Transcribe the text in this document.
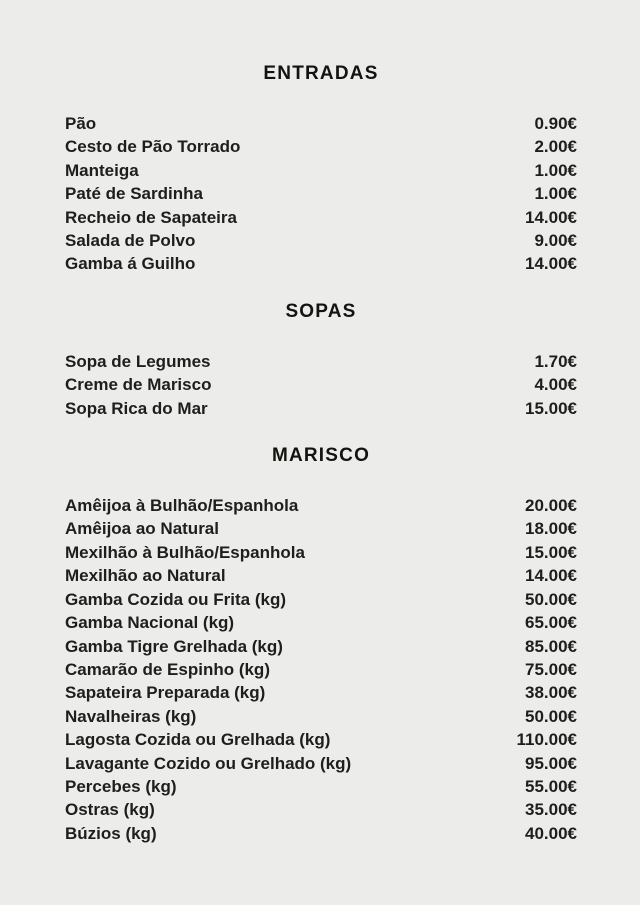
ENTRADAS
Pão	0.90€
Cesto de Pão Torrado	2.00€
Manteiga	1.00€
Paté de Sardinha	1.00€
Recheio de Sapateira	14.00€
Salada de Polvo	9.00€
Gamba á Guilho	14.00€
SOPAS
Sopa de Legumes	1.70€
Creme de Marisco	4.00€
Sopa Rica do Mar	15.00€
MARISCO
Amêijoa à Bulhão/Espanhola	20.00€
Amêijoa ao Natural	18.00€
Mexilhão à Bulhão/Espanhola	15.00€
Mexilhão ao Natural	14.00€
Gamba Cozida ou Frita (kg)	50.00€
Gamba Nacional (kg)	65.00€
Gamba Tigre Grelhada (kg)	85.00€
Camarão de Espinho (kg)	75.00€
Sapateira Preparada (kg)	38.00€
Navalheiras (kg)	50.00€
Lagosta Cozida ou Grelhada (kg)	110.00€
Lavagante Cozido ou Grelhado (kg)	95.00€
Percebes (kg)	55.00€
Ostras (kg)	35.00€
Búzios (kg)	40.00€
